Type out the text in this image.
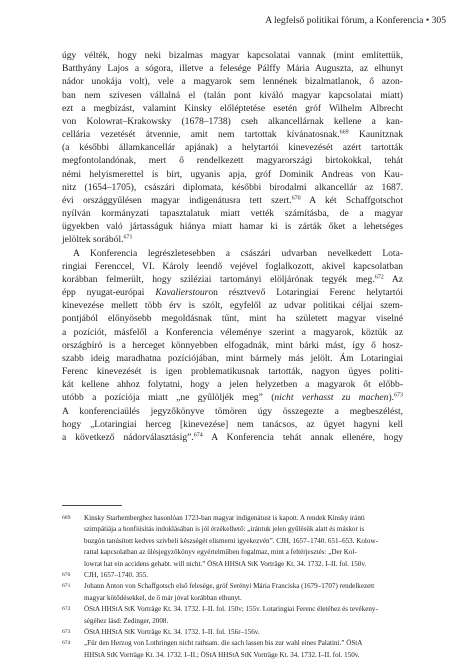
A legfelső politikai fórum, a Konferencia • 305
úgy vélték, hogy neki bizalmas magyar kapcsolatai vannak (mint említettük,
Batthyány Lajos a sógora, illetve a felesége Pálffy Mária Auguszta, az elhunyt
nádor unokája volt), vele a magyarok sem lennének bizalmatlanok, ő azon-
ban nem szívesen vállalná el (talán pont kiváló magyar kapcsolatai miatt)
ezt a megbízást, valamint Kinsky előléptetése esetén gróf Wilhelm Albrecht
von Kolowrat–Krakowsky (1678–1738) cseh alkancellárnak kellene a kan-
celláriа vezetését átvennie, amit nem tartottak kívánatosnak.$^{669}$ Kaunitznak
(a későbbi államkancellár apjának) a helytartói kinevezését azért tartották
megfontolandónak, mert ő rendelkezett magyarországi birtokokkal, tehát
némi helyismerettel is bírt, ugyanis apja, gróf Dominik Andreas von Kau-
nitz (1654–1705), császári diplomata, későbbi birodalmi alkancellár az 1687.
évi országgyűlésen magyar indigenátusra tett szert.$^{670}$ A két Schaffgotschot
nyílván kormányzati tapasztalatuk miatt vették számításba, de a magyar
ügyekben való jártasságuk hiánya miatt hamar ki is zárták őket a lehetséges
jelöltek sorából.$^{671}$
A Konferencia legrészletesebben a császári udvarban nevelkedett Lota-
ringiai Ferenccel, VI. Károly leendő vejével foglalkozott, akivel kapcsolatban
korábban felmerült, hogy sziléziai tartományi elöljárónak tegyék meg.$^{672}$ Az
épp nyugat-európai Kavalierstouron résztvevő Lotaringiai Ferenc helytartói
kinevezése mellett több érv is szólt, egyfelől az udvar politikai céljai szem-
pontjából előnyösebb megoldásnak tűnt, mint ha született magyar viselné
a pozíciót, másfelől a Konferencia véleménye szerint a magyarok, köztük az
országbíró is a herceget könnyebben elfogadnák, mint bárki mást, így ő hosz-
szabb ideig maradhatna pozíciójában, mint bármely más jelölt. Ám Lotaringiai
Ferenc kinevezését is igen problematikusnak tartották, nagyon ügyes politi-
kát kellene ahhoz folytatni, hogy a jelen helyzetben a magyarok őt előbb-
utóbb a pozíciója miatt „ne gyűlöljék meg” (nicht verhasst zu machen).$^{673}$
A konferenciaülés jegyzőkönyve tömören úgy összegezte a megbeszélést,
hogy „Lotaringiai herceg [kinevezése] nem tanácsos, az ügyet hagyni kell
a következő nádorválasztásig”.$^{674}$ A Konferencia tehát annak ellenére, hogy
669 Kinsky Starhemberghez hasonlóan 1723-ban magyar indigenátust is kapott. A rendek Kinsky iránti
szimpátiája a honfiúsítás indoklásában is jól érzékelhető: „irántuk jelen gyűlésük alatt és máskor is
buzgón tanúsított kedves szívbeli készségét elismerni igyekezvén”. CJH, 1657–1740. 651–653. Kolow-
rattal kapcsolatban az ülésjegyzőkönyv egyértelműben fogalmaz, mint a feltérjesztés: „Der Kol-
lowrat hat ein accidens gehabt. will nicht.” ÖStA HHStA StK Vorträge Kt. 34. 1732. I–II. fol. 150v.
670 CJH, 1657–1740. 355.
671 Johann Anton von Schaffgotsch első felesége, gróf Serényi Mária Franciska (1679–1707) rendelkezett
magyar kötődésekkel, de ő már jóval korábban elhunyt.
672 ÖStA HHStA StK Vorträge Kt. 34. 1732. I–II. fol. 150v; 155v. Lotaringiai Ferenc életéhez és tevékeny-
ségéhez lásd: Zedinger, 2008.
673 ÖStA HHStA StK Vorträge Kt. 34. 1732. I–II. fol. 156r–156v.
674 „Für den Herzog von Lothringen nicht rathsam. die sach lassen bis zur wahl eines Palatini.” ÖStA
HHStA StK Vorträge Kt. 34. 1732. I–II.; ÖStA HHStA StK Vorträge Kt. 34. 1732. I–II. fol. 150v.
